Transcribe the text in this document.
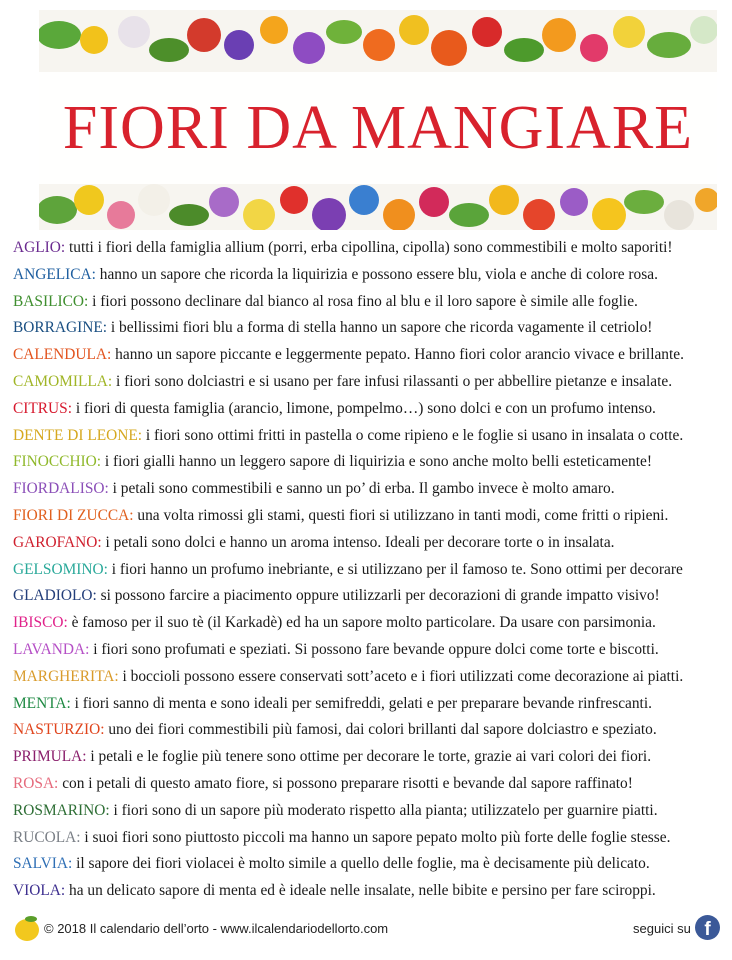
FIORI DA MANGIARE
AGLIO: tutti i fiori della famiglia allium (porri, erba cipollina, cipolla) sono commestibili e molto saporiti!
ANGELICA: hanno un sapore che ricorda la liquirizia e possono essere blu, viola e anche di colore rosa.
BASILICO: i fiori possono declinare dal bianco al rosa fino al blu e il loro sapore è simile alle foglie.
BORRAGINE: i bellissimi fiori blu a forma di stella hanno un sapore che ricorda vagamente il cetriolo!
CALENDULA: hanno un sapore piccante e leggermente pepato. Hanno fiori color arancio vivace e brillante.
CAMOMILLA: i fiori sono dolciastri e si usano per fare infusi rilassanti o per abbellire pietanze e insalate.
CITRUS: i fiori di questa famiglia (arancio, limone, pompelmo…) sono dolci e con un profumo intenso.
DENTE DI LEONE: i fiori sono ottimi fritti in pastella o come ripieno e le foglie si usano in insalata o cotte.
FINOCCHIO: i fiori gialli hanno un leggero sapore di liquirizia e sono anche molto belli esteticamente!
FIORDALISO: i petali sono commestibili e sanno un po’ di erba. Il gambo invece è molto amaro.
FIORI DI ZUCCA: una volta rimossi gli stami, questi fiori si utilizzano in tanti modi, come fritti o ripieni.
GAROFANO: i petali sono dolci e hanno un aroma intenso. Ideali per decorare torte o in insalata.
GELSOMINO: i fiori hanno un profumo inebriante, e si utilizzano per il famoso te. Sono ottimi per decorare
GLADIOLO: si possono farcire a piacimento oppure utilizzarli per decorazioni di grande impatto visivo!
IBISCO: è famoso per il suo tè (il Karkadè) ed ha un sapore molto particolare. Da usare con parsimonia.
LAVANDA: i fiori sono profumati e speziati. Si possono fare bevande oppure dolci come torte e biscotti.
MARGHERITA: i boccioli possono essere conservati sott’aceto e i fiori utilizzati come decorazione ai piatti.
MENTA: i fiori sanno di menta e sono ideali per semifreddi, gelati e per preparare bevande rinfrescanti.
NASTURZIO: uno dei fiori commestibili più famosi, dai colori brillanti dal sapore dolciastro e speziato.
PRIMULA: i petali e le foglie più tenere sono ottime per decorare le torte, grazie ai vari colori dei fiori.
ROSA: con i petali di questo amato fiore, si possono preparare risotti e bevande dal sapore raffinato!
ROSMARINO: i fiori sono di un sapore più moderato rispetto alla pianta; utilizzatelo per guarnire piatti.
RUCOLA: i suoi fiori sono piuttosto piccoli ma hanno un sapore pepato molto più forte delle foglie stesse.
SALVIA: il sapore dei fiori violacei è molto simile a quello delle foglie, ma è decisamente più delicato.
VIOLA: ha un delicato sapore di menta ed è ideale nelle insalate, nelle bibite e persino per fare sciroppi.
© 2018 Il calendario dell’orto - www.ilcalendariodellorto.com	seguici su f
